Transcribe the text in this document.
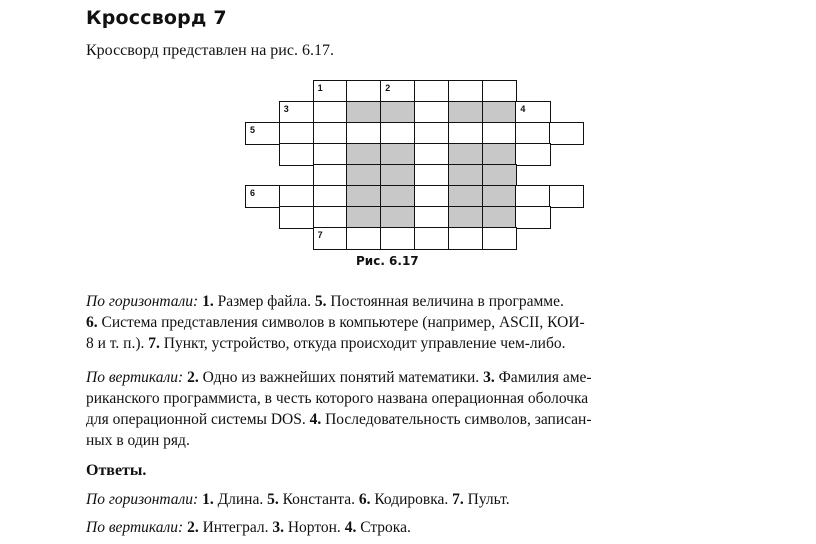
Кроссворд 7
Кроссворд представлен на рис. 6.17.
1	2
3	4
5
6
7
Рис. 6.17
По горизонтали: 1. Размер файла. 5. Постоянная величина в программе.
6. Система представления символов в компьютере (например, ASCII, КОИ-
8 и т. п.). 7. Пункт, устройство, откуда происходит управление чем-либо.
По вертикали: 2. Одно из важнейших понятий математики. 3. Фамилия аме-
риканского программиста, в честь которого названа операционная оболочка
для операционной системы DOS. 4. Последовательность символов, записан-
ных в один ряд.
Ответы.
По горизонтали: 1. Длина. 5. Константа. 6. Кодировка. 7. Пульт.
По вертикали: 2. Интеграл. 3. Нортон. 4. Строка.
